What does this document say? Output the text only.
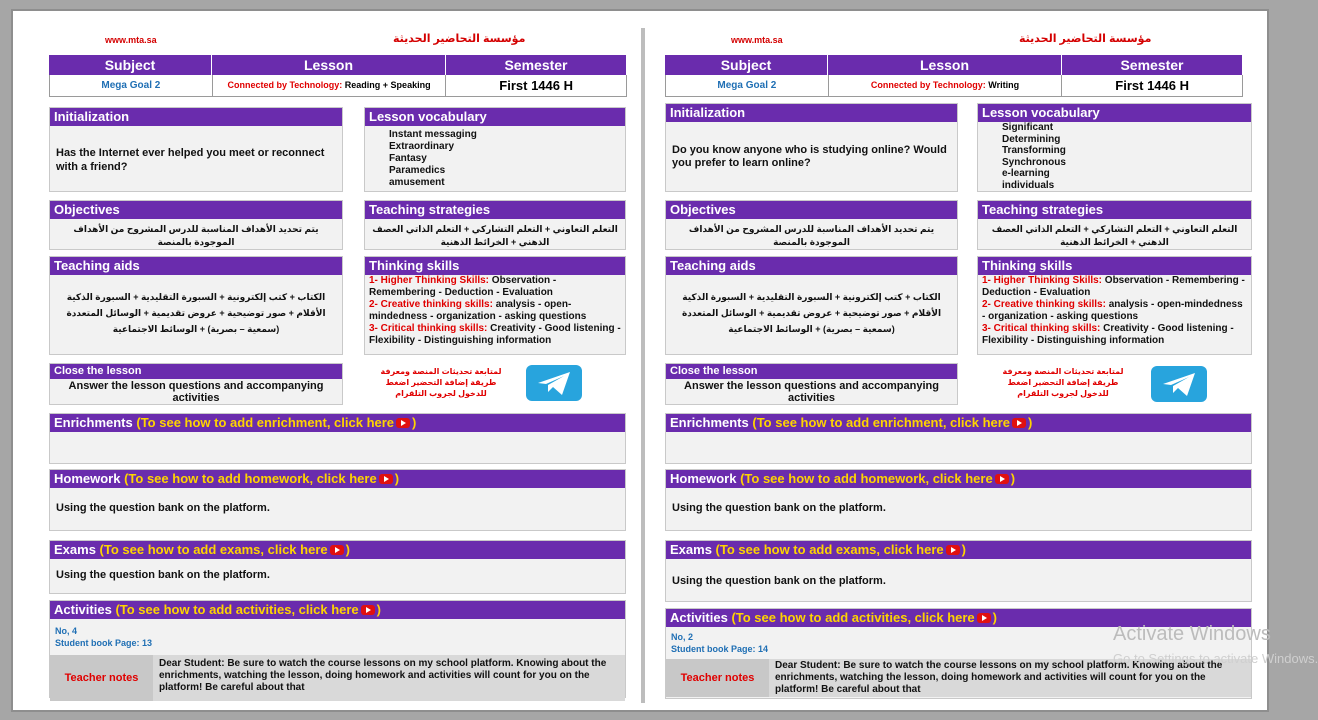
www.mta.sa	مؤسسة التحاضير الحديثة
Subject	Lesson	Semester
Mega Goal 2	Connected by Technology: Reading + Speaking	First 1446 H
Initialization
Has the Internet ever helped you meet or reconnect with a friend?
Lesson vocabulary
Instant messaging
Extraordinary
Fantasy
Paramedics
amusement
Objectives
يتم تحديد الأهداف المناسبة للدرس المشروح من الأهداف الموجودة بالمنصة
Teaching strategies
التعلم التعاوني + التعلم التشاركي + التعلم الذاتي العصف الذهني + الخرائط الذهنية
Teaching aids
الكتاب + كتب إلكترونية + السبورة التقليدية + السبورة الذكية الأقلام + صور توضيحية + عروض تقديمية + الوسائل المتعددة (سمعية – بصرية) + الوسائط الاجتماعية
Thinking skills
1- Higher Thinking Skills: Observation - Remembering - Deduction - Evaluation
2- Creative thinking skills: analysis - open-mindedness - organization - asking questions
3- Critical thinking skills: Creativity - Good listening - Flexibility - Distinguishing information
Close the lesson
Answer the lesson questions and accompanying activities
لمتابعة تحديثات المنصة ومعرفة طريقة إضافة التحضير اضغط للدخول لجروب التلقرام
Enrichments (To see how to add enrichment, click here )
Homework (To see how to add homework, click here )
Using the question bank on the platform.
Exams (To see how to add exams, click here )
Using the question bank on the platform.
Activities (To see how to add activities, click here )
No, 4
Student book Page: 13
Teacher notes
Dear Student: Be sure to watch the course lessons on my school platform. Knowing about the enrichments, watching the lesson, doing homework and activities will count for you on the platform! Be careful about that
www.mta.sa	مؤسسة التحاضير الحديثة
Subject	Lesson	Semester
Mega Goal 2	Connected by Technology: Writing	First 1446 H
Initialization
Do you know anyone who is studying online? Would you prefer to learn online?
Lesson vocabulary
Significant
Determining
Transforming
Synchronous
e-learning
individuals
Objectives
يتم تحديد الأهداف المناسبة للدرس المشروح من الأهداف الموجودة بالمنصة
Teaching strategies
التعلم التعاوني + التعلم التشاركي + التعلم الذاتي العصف الذهني + الخرائط الذهنية
Teaching aids
الكتاب + كتب إلكترونية + السبورة التقليدية + السبورة الذكية الأقلام + صور توضيحية + عروض تقديمية + الوسائل المتعددة (سمعية – بصرية) + الوسائط الاجتماعية
Thinking skills
1- Higher Thinking Skills: Observation - Remembering - Deduction - Evaluation
2- Creative thinking skills: analysis - open-mindedness - organization - asking questions
3- Critical thinking skills: Creativity - Good listening - Flexibility - Distinguishing information
Close the lesson
Answer the lesson questions and accompanying activities
لمتابعة تحديثات المنصة ومعرفة طريقة إضافة التحضير اضغط للدخول لجروب التلقرام
Enrichments (To see how to add enrichment, click here )
Homework (To see how to add homework, click here )
Using the question bank on the platform.
Exams (To see how to add exams, click here )
Using the question bank on the platform.
Activities (To see how to add activities, click here )
No, 2
Student book Page: 14
Teacher notes
Dear Student: Be sure to watch the course lessons on my school platform. Knowing about the enrichments, watching the lesson, doing homework and activities will count for you on the platform! Be careful about that
Activate Windows
Go to Settings to activate Windows.
